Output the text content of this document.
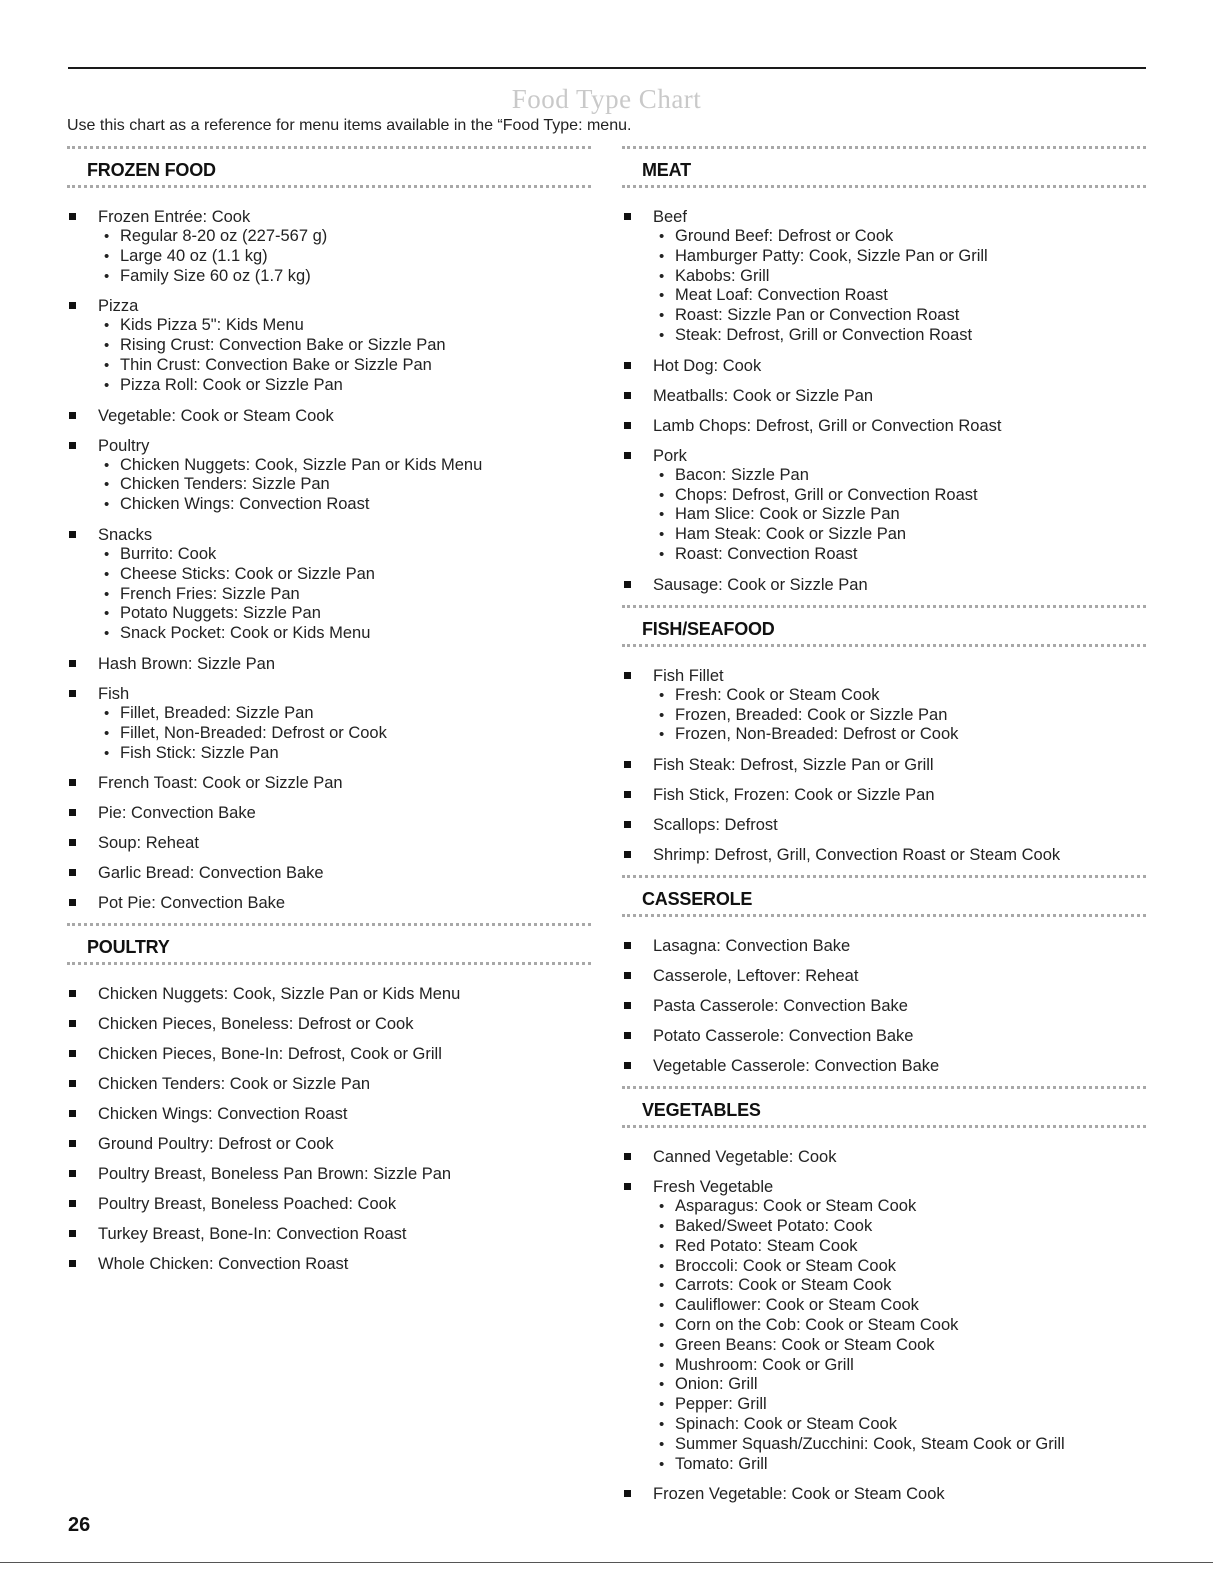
Food Type Chart
Use this chart as a reference for menu items available in the “Food Type: menu.
FROZEN FOOD
Frozen Entrée: Cook
• Regular 8-20 oz (227-567 g)
• Large 40 oz (1.1 kg)
• Family Size 60 oz (1.7 kg)
Pizza
• Kids Pizza 5": Kids Menu
• Rising Crust: Convection Bake or Sizzle Pan
• Thin Crust: Convection Bake or Sizzle Pan
• Pizza Roll: Cook or Sizzle Pan
Vegetable: Cook or Steam Cook
Poultry
• Chicken Nuggets: Cook, Sizzle Pan or Kids Menu
• Chicken Tenders: Sizzle Pan
• Chicken Wings: Convection Roast
Snacks
• Burrito: Cook
• Cheese Sticks: Cook or Sizzle Pan
• French Fries: Sizzle Pan
• Potato Nuggets: Sizzle Pan
• Snack Pocket: Cook or Kids Menu
Hash Brown: Sizzle Pan
Fish
• Fillet, Breaded: Sizzle Pan
• Fillet, Non-Breaded: Defrost or Cook
• Fish Stick: Sizzle Pan
French Toast: Cook or Sizzle Pan
Pie: Convection Bake
Soup: Reheat
Garlic Bread: Convection Bake
Pot Pie: Convection Bake
POULTRY
Chicken Nuggets: Cook, Sizzle Pan or Kids Menu
Chicken Pieces, Boneless: Defrost or Cook
Chicken Pieces, Bone-In: Defrost, Cook or Grill
Chicken Tenders: Cook or Sizzle Pan
Chicken Wings: Convection Roast
Ground Poultry: Defrost or Cook
Poultry Breast, Boneless Pan Brown: Sizzle Pan
Poultry Breast, Boneless Poached: Cook
Turkey Breast, Bone-In: Convection Roast
Whole Chicken: Convection Roast
MEAT
Beef
• Ground Beef: Defrost or Cook
• Hamburger Patty: Cook, Sizzle Pan or Grill
• Kabobs: Grill
• Meat Loaf: Convection Roast
• Roast: Sizzle Pan or Convection Roast
• Steak: Defrost, Grill or Convection Roast
Hot Dog: Cook
Meatballs: Cook or Sizzle Pan
Lamb Chops: Defrost, Grill or Convection Roast
Pork
• Bacon: Sizzle Pan
• Chops: Defrost, Grill or Convection Roast
• Ham Slice: Cook or Sizzle Pan
• Ham Steak: Cook or Sizzle Pan
• Roast: Convection Roast
Sausage: Cook or Sizzle Pan
FISH/SEAFOOD
Fish Fillet
• Fresh: Cook or Steam Cook
• Frozen, Breaded: Cook or Sizzle Pan
• Frozen, Non-Breaded: Defrost or Cook
Fish Steak: Defrost, Sizzle Pan or Grill
Fish Stick, Frozen: Cook or Sizzle Pan
Scallops: Defrost
Shrimp: Defrost, Grill, Convection Roast or Steam Cook
CASSEROLE
Lasagna: Convection Bake
Casserole, Leftover: Reheat
Pasta Casserole: Convection Bake
Potato Casserole: Convection Bake
Vegetable Casserole: Convection Bake
VEGETABLES
Canned Vegetable: Cook
Fresh Vegetable
• Asparagus: Cook or Steam Cook
• Baked/Sweet Potato: Cook
• Red Potato: Steam Cook
• Broccoli: Cook or Steam Cook
• Carrots: Cook or Steam Cook
• Cauliflower: Cook or Steam Cook
• Corn on the Cob: Cook or Steam Cook
• Green Beans: Cook or Steam Cook
• Mushroom: Cook or Grill
• Onion: Grill
• Pepper: Grill
• Spinach: Cook or Steam Cook
• Summer Squash/Zucchini: Cook, Steam Cook or Grill
• Tomato: Grill
Frozen Vegetable: Cook or Steam Cook
26
